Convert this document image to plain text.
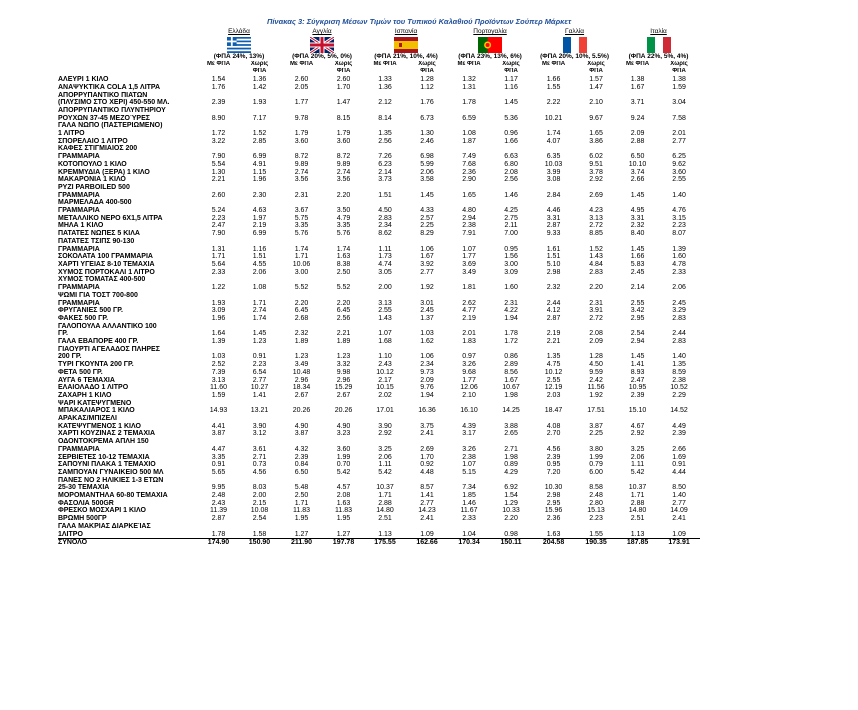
Πίνακας 3: Σύγκριση Μέσων Τιμών του Τυπικού Καλαθιού Προϊόντων Σούπερ Μάρκετ

	Ελλάδα		Αγγλία		Ισπανία		Πορτογαλία		Γαλλία		Ιταλία	

	(ΦΠΑ 24%, 13%)		(ΦΠΑ 20%, 5%, 0%)		(ΦΠΑ 21%, 10%, 4%)		(ΦΠΑ 23%, 13%, 6%)		(ΦΠΑ 20%, 10%, 5.5%)		(ΦΠΑ 22%, 5%, 4%)	
	Με ΦΠΑ	Χωρίς	Με ΦΠΑ	Χωρίς	Με ΦΠΑ	Χωρίς	Με ΦΠΑ	Χωρίς	Με ΦΠΑ	Χωρίς	Με ΦΠΑ	Χωρίς
		ΦΠΑ		ΦΠΑ		ΦΠΑ		ΦΠΑ		ΦΠΑ		ΦΠΑ
ΑΛΕΥΡΙ 1 ΚΙΛΟ	1.54	1.36	2.60	2.60	1.33	1.28	1.32	1.17	1.66	1.57	1.38	1.38
ΑΝΑΨΥΚΤΙΚΑ COLA 1,5 ΛΙΤΡΑ	1.76	1.42	2.05	1.70	1.36	1.12	1.31	1.16	1.55	1.47	1.67	1.59
ΑΠΟΡΡΥΠΑΝΤΙΚΟ ΠΙΑΤΩΝ												
(ΠΛΥΣΙΜΟ ΣΤΟ ΧΕΡΙ) 450-550 ΜΛ.	2.39	1.93	1.77	1.47	2.12	1.76	1.78	1.45	2.22	2.10	3.71	3.04
ΑΠΟΡΡΥΠΑΝΤΙΚΟ ΠΛΥΝΤΗΡΙΟΥ												
ΡΟΥΧΩΝ 37-45 ΜΕΖΟΎΡΕΣ	8.90	7.17	9.78	8.15	8.14	6.73	6.59	5.36	10.21	9.67	9.24	7.58
ΓΑΛΑ ΝΩΠΟ (ΠΑΣΤΕΡΙΩΜΕΝΟ)												
1 ΛΙΤΡΟ	1.72	1.52	1.79	1.79	1.35	1.30	1.08	0.96	1.74	1.65	2.09	2.01
ΣΠΟΡΕΛΑΙΟ 1 ΛΙΤΡΟ	3.22	2.85	3.60	3.60	2.56	2.46	1.87	1.66	4.07	3.86	2.88	2.77
ΚΑΦΕΣ ΣΤΙΓΜΙΑΙΟΣ 200												
ΓΡΑΜΜΑΡΙΑ	7.90	6.99	8.72	8.72	7.26	6.98	7.49	6.63	6.35	6.02	6.50	6.25
ΚΟΤΟΠΟΥΛΟ 1 ΚΙΛΟ	5.54	4.91	9.89	9.89	6.23	5.99	7.68	6.80	10.03	9.51	10.10	9.62
ΚΡΕΜΜΥΔΙΑ (ΞΕΡΑ) 1 ΚΙΛΟ	1.30	1.15	2.74	2.74	2.14	2.06	2.36	2.08	3.99	3.78	3.74	3.60
ΜΑΚΑΡΟΝΙΑ 1 ΚΙΛΟ	2.21	1.96	3.56	3.56	3.73	3.58	2.90	2.56	3.08	2.92	2.66	2.55
ΡΥΖΙ PARBOILED 500												
ΓΡΑΜΜΑΡΙΑ	2.60	2.30	2.31	2.20	1.51	1.45	1.65	1.46	2.84	2.69	1.45	1.40
ΜΑΡΜΕΛΑΔΑ 400-500												
ΓΡΑΜΜΑΡΙΑ	5.24	4.63	3.67	3.50	4.50	4.33	4.80	4.25	4.46	4.23	4.95	4.76
ΜΕΤΑΛΛΙΚΟ ΝΕΡΟ 6Χ1,5 ΛΙΤΡΑ	2.23	1.97	5.75	4.79	2.83	2.57	2.94	2.75	3.31	3.13	3.31	3.15
ΜΗΛΑ 1 ΚΙΛΟ	2.47	2.19	3.35	3.35	2.34	2.25	2.38	2.11	2.87	2.72	2.32	2.23
ΠΑΤΑΤΕΣ ΝΩΠΕΣ 5 ΚΙΛΑ	7.90	6.99	5.76	5.76	8.62	8.29	7.91	7.00	9.33	8.85	8.40	8.07
ΠΑΤΑΤΕΣ ΤΣΙΠΣ 90-130												
ΓΡΑΜΜΑΡΙΑ	1.31	1.16	1.74	1.74	1.11	1.06	1.07	0.95	1.61	1.52	1.45	1.39
ΣΟΚΟΛΑΤΑ 100 ΓΡΑΜΜΑΡΙΑ	1.71	1.51	1.71	1.63	1.73	1.67	1.77	1.56	1.51	1.43	1.66	1.60
ΧΑΡΤΙ ΥΓΕΙΑΣ 8-10 ΤΕΜΑΧΙΑ	5.64	4.55	10.06	8.38	4.74	3.92	3.69	3.00	5.10	4.84	5.83	4.78
ΧΥΜΟΣ ΠΟΡΤΟΚΑΛΙ 1 ΛΙΤΡΟ	2.33	2.06	3.00	2.50	3.05	2.77	3.49	3.09	2.98	2.83	2.45	2.33
ΧΥΜΟΣ ΤΟΜΑΤΑΣ 400-500												
ΓΡΑΜΜΑΡΙΑ	1.22	1.08	5.52	5.52	2.00	1.92	1.81	1.60	2.32	2.20	2.14	2.06
ΨΩΜΙ ΓΙΑ ΤΟΣΤ 700-800												
ΓΡΑΜΜΑΡΙΑ	1.93	1.71	2.20	2.20	3.13	3.01	2.62	2.31	2.44	2.31	2.55	2.45
ΦΡΥΓΑΝΙΕΣ 500 ΓΡ.	3.09	2.74	6.45	6.45	2.55	2.45	4.77	4.22	4.12	3.91	3.42	3.29
ΦΑΚΕΣ 500 ΓΡ.	1.96	1.74	2.68	2.56	1.43	1.37	2.19	1.94	2.87	2.72	2.95	2.83
ΓΑΛΟΠΟΥΛΑ ΑΛΛΑΝΤΙΚΟ 100												
ΓΡ.	1.64	1.45	2.32	2.21	1.07	1.03	2.01	1.78	2.19	2.08	2.54	2.44
ΓΑΛΑ ΕΒΑΠΟΡΕ 400 ΓΡ.	1.39	1.23	1.89	1.89	1.68	1.62	1.83	1.72	2.21	2.09	2.94	2.83
ΓΙΑΟΥΡΤΙ ΑΓΕΛΑΔΟΣ ΠΛΗΡΕΣ												
200 ΓΡ.	1.03	0.91	1.23	1.23	1.10	1.06	0.97	0.86	1.35	1.28	1.45	1.40
ΤΥΡΙ ΓΚΟΥΝΤΑ 200 ΓΡ.	2.52	2.23	3.49	3.32	2.43	2.34	3.26	2.89	4.75	4.50	1.41	1.35
ΦΕΤΑ 500 ΓΡ.	7.39	6.54	10.48	9.98	10.12	9.73	9.68	8.56	10.12	9.59	8.93	8.59
ΑΥΓΑ 6 ΤΕΜΑΧΙΑ	3.13	2.77	2.96	2.96	2.17	2.09	1.77	1.67	2.55	2.42	2.47	2.38
ΕΛΑΙΟΛΑΔΟ 1 ΛΙΤΡΟ	11.60	10.27	18.34	15.29	10.15	9.76	12.06	10.67	12.19	11.56	10.95	10.52
ΖΑΧΑΡΗ 1 ΚΙΛΟ	1.59	1.41	2.67	2.67	2.02	1.94	2.10	1.98	2.03	1.92	2.39	2.29
ΨΑΡΙ ΚΑΤΕΨΥΓΜΕΝΟ												
ΜΠΑΚΑΛΙΑΡΟΣ 1 ΚΙΛΟ	14.93	13.21	20.26	20.26	17.01	16.36	16.10	14.25	18.47	17.51	15.10	14.52
ΑΡΑΚΑΣ/ΜΠΙΖΕΛΙ												
ΚΑΤΕΨΥΓΜΕΝΟΣ 1 ΚΙΛΟ	4.41	3.90	4.90	4.90	3.90	3.75	4.39	3.88	4.08	3.87	4.67	4.49
ΧΑΡΤΙ ΚΟΥΖΙΝΑΣ 2 ΤΕΜΑΧΙΑ	3.87	3.12	3.87	3.23	2.92	2.41	3.17	2.65	2.70	2.25	2.92	2.39
ΟΔΟΝΤΟΚΡΕΜΑ ΑΠΛΗ 150												
ΓΡΑΜΜΑΡΙΑ	4.47	3.61	4.32	3.60	3.25	2.69	3.26	2.71	4.56	3.80	3.25	2.66
ΣΕΡΒΙΕΤΕΣ 10-12 ΤΕΜΑΧΙΑ	3.35	2.71	2.39	1.99	2.06	1.70	2.38	1.98	2.39	1.99	2.06	1.69
ΣΑΠΟΥΝΙ ΠΛΑΚΑ 1 ΤΕΜΑΧΙΟ	0.91	0.73	0.84	0.70	1.11	0.92	1.07	0.89	0.95	0.79	1.11	0.91
ΣΑΜΠΟΥΑΝ ΓΥΝΑΙΚΕΙΟ 500 ΜΛ	5.65	4.56	6.50	5.42	5.42	4.48	5.15	4.29	7.20	6.00	5.42	4.44
ΠΑΝΕΣ ΝΟ 2 ΗΛΙΚΙΕΣ 1-3 ΕΤΩΝ												
25-30 ΤΕΜΑΧΙΑ	9.95	8.03	5.48	4.57	10.37	8.57	7.34	6.92	10.30	8.58	10.37	8.50
ΜΟΡΟΜΑΝΤΗΛΑ 60-80 ΤΕΜΑΧΙΑ	2.48	2.00	2.50	2.08	1.71	1.41	1.85	1.54	2.98	2.48	1.71	1.40
ΦΑΣΟΛΙΑ 500GR	2.43	2.15	1.71	1.63	2.88	2.77	1.46	1.29	2.95	2.80	2.88	2.77
ΦΡΕΣΚΟ ΜΟΣΧΑΡΙ 1 ΚΙΛΟ	11.39	10.08	11.83	11.83	14.80	14.23	11.67	10.33	15.96	15.13	14.80	14.09
ΒΡΩΜΗ 500ΓΡ	2.87	2.54	1.95	1.95	2.51	2.41	2.33	2.20	2.36	2.23	2.51	2.41
ΓΑΛΑ ΜΑΚΡΙΑΣ ΔΙΑΡΚΕΊΑΣ												
1ΛΙΤΡΟ	1.78	1.58	1.27	1.27	1.13	1.09	1.04	0.98	1.63	1.55	1.13	1.09
ΣΥΝΟΛΟ	174.90	150.90	211.90	197.78	175.55	162.66	170.34	150.11	204.58	190.35	187.85	173.91
